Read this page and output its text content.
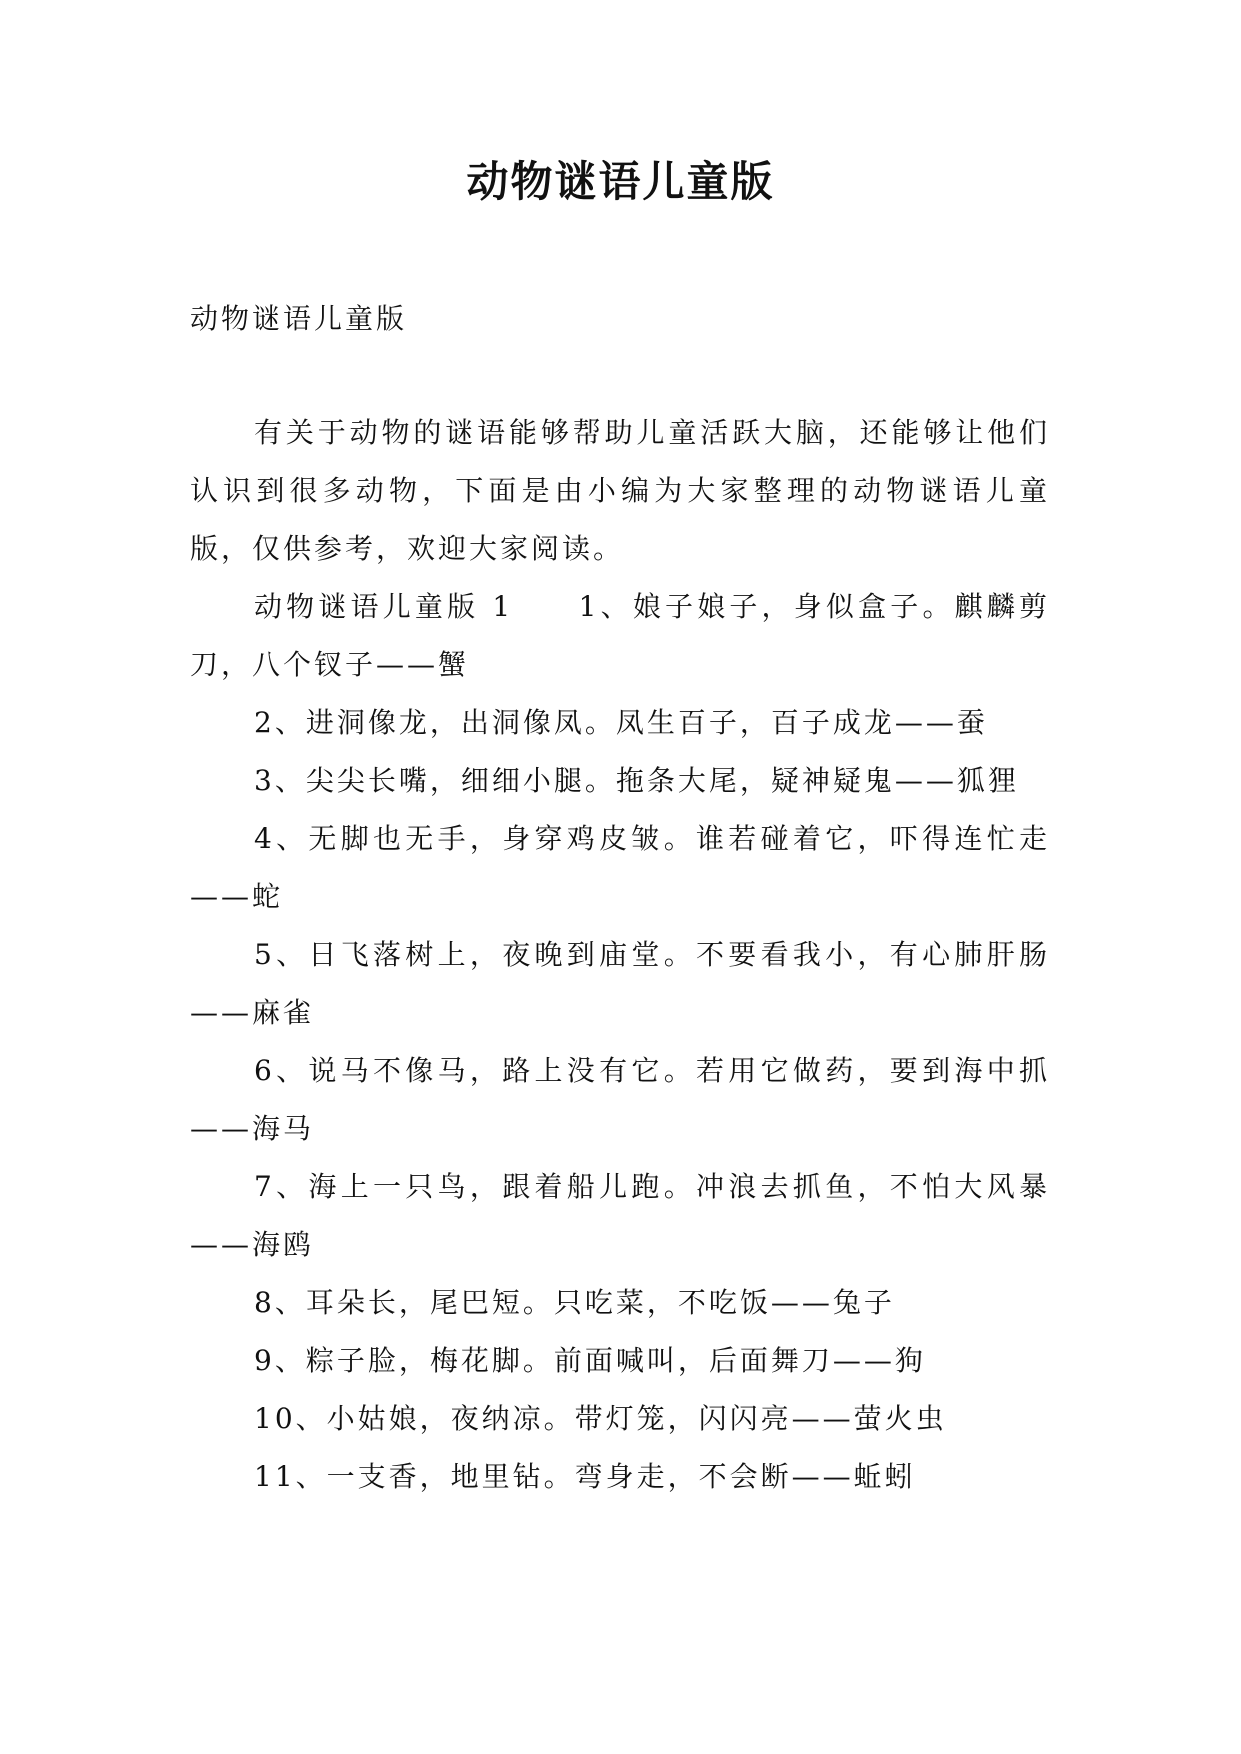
动物谜语儿童版

动物谜语儿童版

有关于动物的谜语能够帮助儿童活跃大脑，还能够让他们认识到很多动物，下面是由小编为大家整理的动物谜语儿童版，仅供参考，欢迎大家阅读。

动物谜语儿童版 1　　1、娘子娘子，身似盒子。麒麟剪刀，八个钗子——蟹

2、进洞像龙，出洞像凤。凤生百子，百子成龙——蚕

3、尖尖长嘴，细细小腿。拖条大尾，疑神疑鬼——狐狸

4、无脚也无手，身穿鸡皮皱。谁若碰着它，吓得连忙走——蛇

5、日飞落树上，夜晚到庙堂。不要看我小，有心肺肝肠——麻雀

6、说马不像马，路上没有它。若用它做药，要到海中抓——海马

7、海上一只鸟，跟着船儿跑。冲浪去抓鱼，不怕大风暴——海鸥

8、耳朵长，尾巴短。只吃菜，不吃饭——兔子

9、粽子脸，梅花脚。前面喊叫，后面舞刀——狗

10、小姑娘，夜纳凉。带灯笼，闪闪亮——萤火虫

11、一支香，地里钻。弯身走，不会断——蚯蚓
